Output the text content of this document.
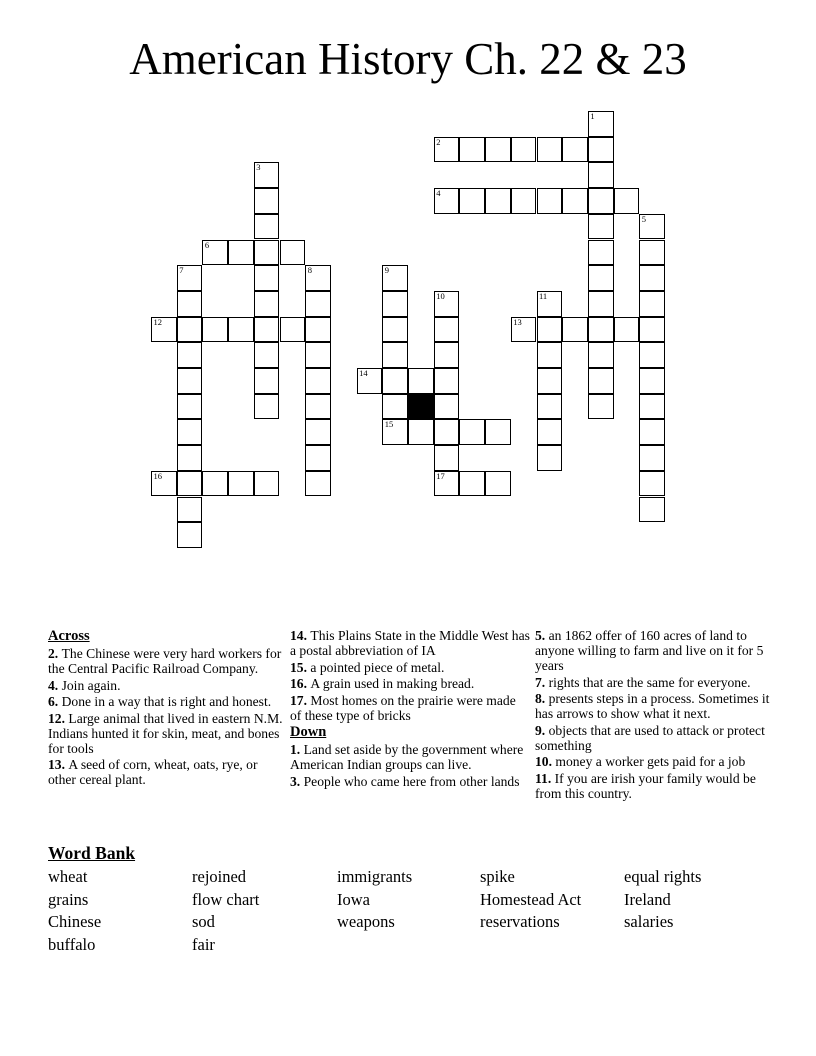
American History Ch. 22 & 23
1
2
3
4
5
6
7	8	9
15
10
17
11
12	13
14
16
Across

2. The Chinese were very hard workers for the Central Pacific Railroad Company.

4. Join again.

6. Done in a way that is right and honest.

12. Large animal that lived in eastern N.M. Indians hunted it for skin, meat, and bones for tools

13. A seed of corn, wheat, oats, rye, or other cereal plant.

14. This Plains State in the Middle West has a postal abbreviation of IA

15. a pointed piece of metal.

16. A grain used in making bread.

17. Most homes on the prairie were made of these type of bricks

Down

1. Land set aside by the government where American Indian groups can live.

3. People who came here from other lands

5. an 1862 offer of 160 acres of land to anyone willing to farm and live on it for 5 years

7. rights that are the same for everyone.

8. presents steps in a process. Sometimes it has arrows to show what it next.

9. objects that are used to attack or protect something

10. money a worker gets paid for a job

11. If you are irish your family would be from this country.

Word Bank
wheat
grains
Chinese
buffalo
rejoined
flow chart
sod
fair
immigrants
Iowa
weapons
spike
Homestead Act
reservations
equal rights
Ireland
salaries
